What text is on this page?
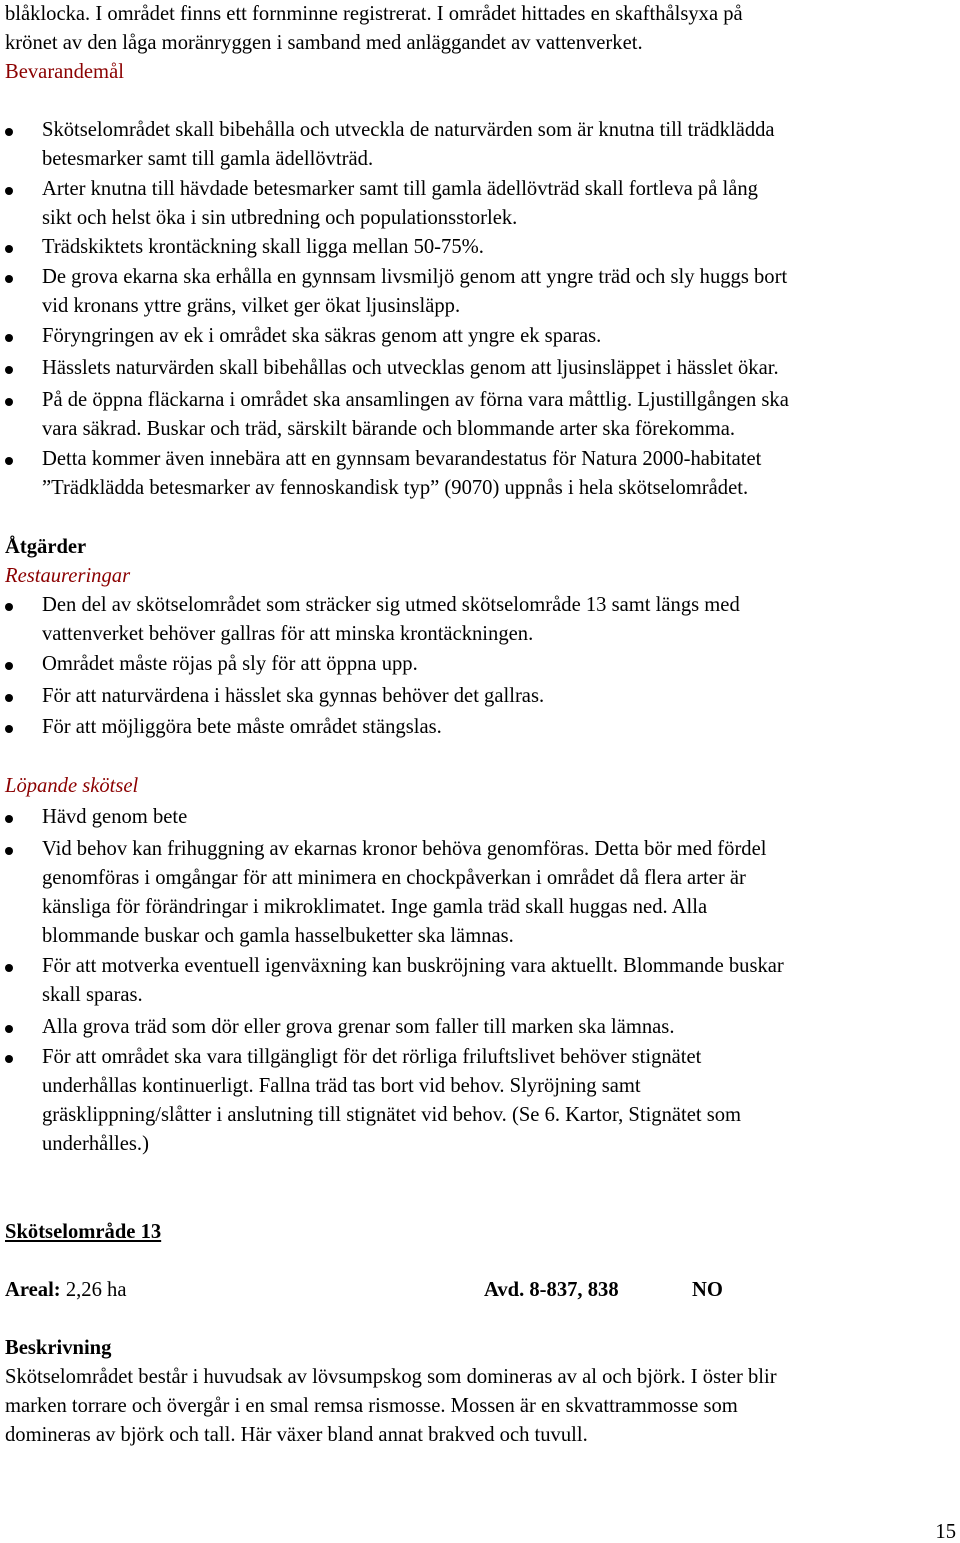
blåklocka. I området finns ett fornminne registrerat. I området hittades en skafthålsyxa på
krönet av den låga moränryggen i samband med anläggandet av vattenverket.
Bevarandemål
Skötselområdet skall bibehålla och utveckla de naturvärden som är knutna till trädklädda
betesmarker samt till gamla ädellövträd.
Arter knutna till hävdade betesmarker samt till gamla ädellövträd skall fortleva på lång
sikt och helst öka i sin utbredning och populationsstorlek.
Trädskiktets krontäckning skall ligga mellan 50-75%.
De grova ekarna ska erhålla en gynnsam livsmiljö genom att yngre träd och sly huggs bort
vid kronans yttre gräns, vilket ger ökat ljusinsläpp.
Föryngringen av ek i området ska säkras genom att yngre ek sparas.
Hässlets naturvärden skall bibehållas och utvecklas genom att ljusinsläppet i hässlet ökar.
På de öppna fläckarna i området ska ansamlingen av förna vara måttlig. Ljustillgången ska
vara säkrad. Buskar och träd, särskilt bärande och blommande arter ska förekomma.
Detta kommer även innebära att en gynnsam bevarandestatus för Natura 2000-habitatet
”Trädklädda betesmarker av fennoskandisk typ” (9070) uppnås i hela skötselområdet.
Åtgärder
Restaureringar
Den del av skötselområdet som sträcker sig utmed skötselområde 13 samt längs med
vattenverket behöver gallras för att minska krontäckningen.
Området måste röjas på sly för att öppna upp.
För att naturvärdena i hässlet ska gynnas behöver det gallras.
För att möjliggöra bete måste området stängslas.
Löpande skötsel
Hävd genom bete
Vid behov kan frihuggning av ekarnas kronor behöva genomföras. Detta bör med fördel
genomföras i omgångar för att minimera en chockpåverkan i området då flera arter är
känsliga för förändringar i mikroklimatet. Inge gamla träd skall huggas ned. Alla
blommande buskar och gamla hasselbuketter ska lämnas.
För att motverka eventuell igenväxning kan buskröjning vara aktuellt. Blommande buskar
skall sparas.
Alla grova träd som dör eller grova grenar som faller till marken ska lämnas.
För att området ska vara tillgängligt för det rörliga friluftslivet behöver stignätet
underhållas kontinuerligt. Fallna träd tas bort vid behov. Slyröjning samt
gräsklippning/slåtter i anslutning till stignätet vid behov. (Se 6. Kartor, Stignätet som
underhålles.)
Skötselområde 13
Areal: 2,26 ha	Avd. 8-837, 838	NO
Beskrivning
Skötselområdet består i huvudsak av lövsumpskog som domineras av al och björk. I öster blir
marken torrare och övergår i en smal remsa rismosse. Mossen är en skvattrammosse som
domineras av björk och tall. Här växer bland annat brakved och tuvull.
15
